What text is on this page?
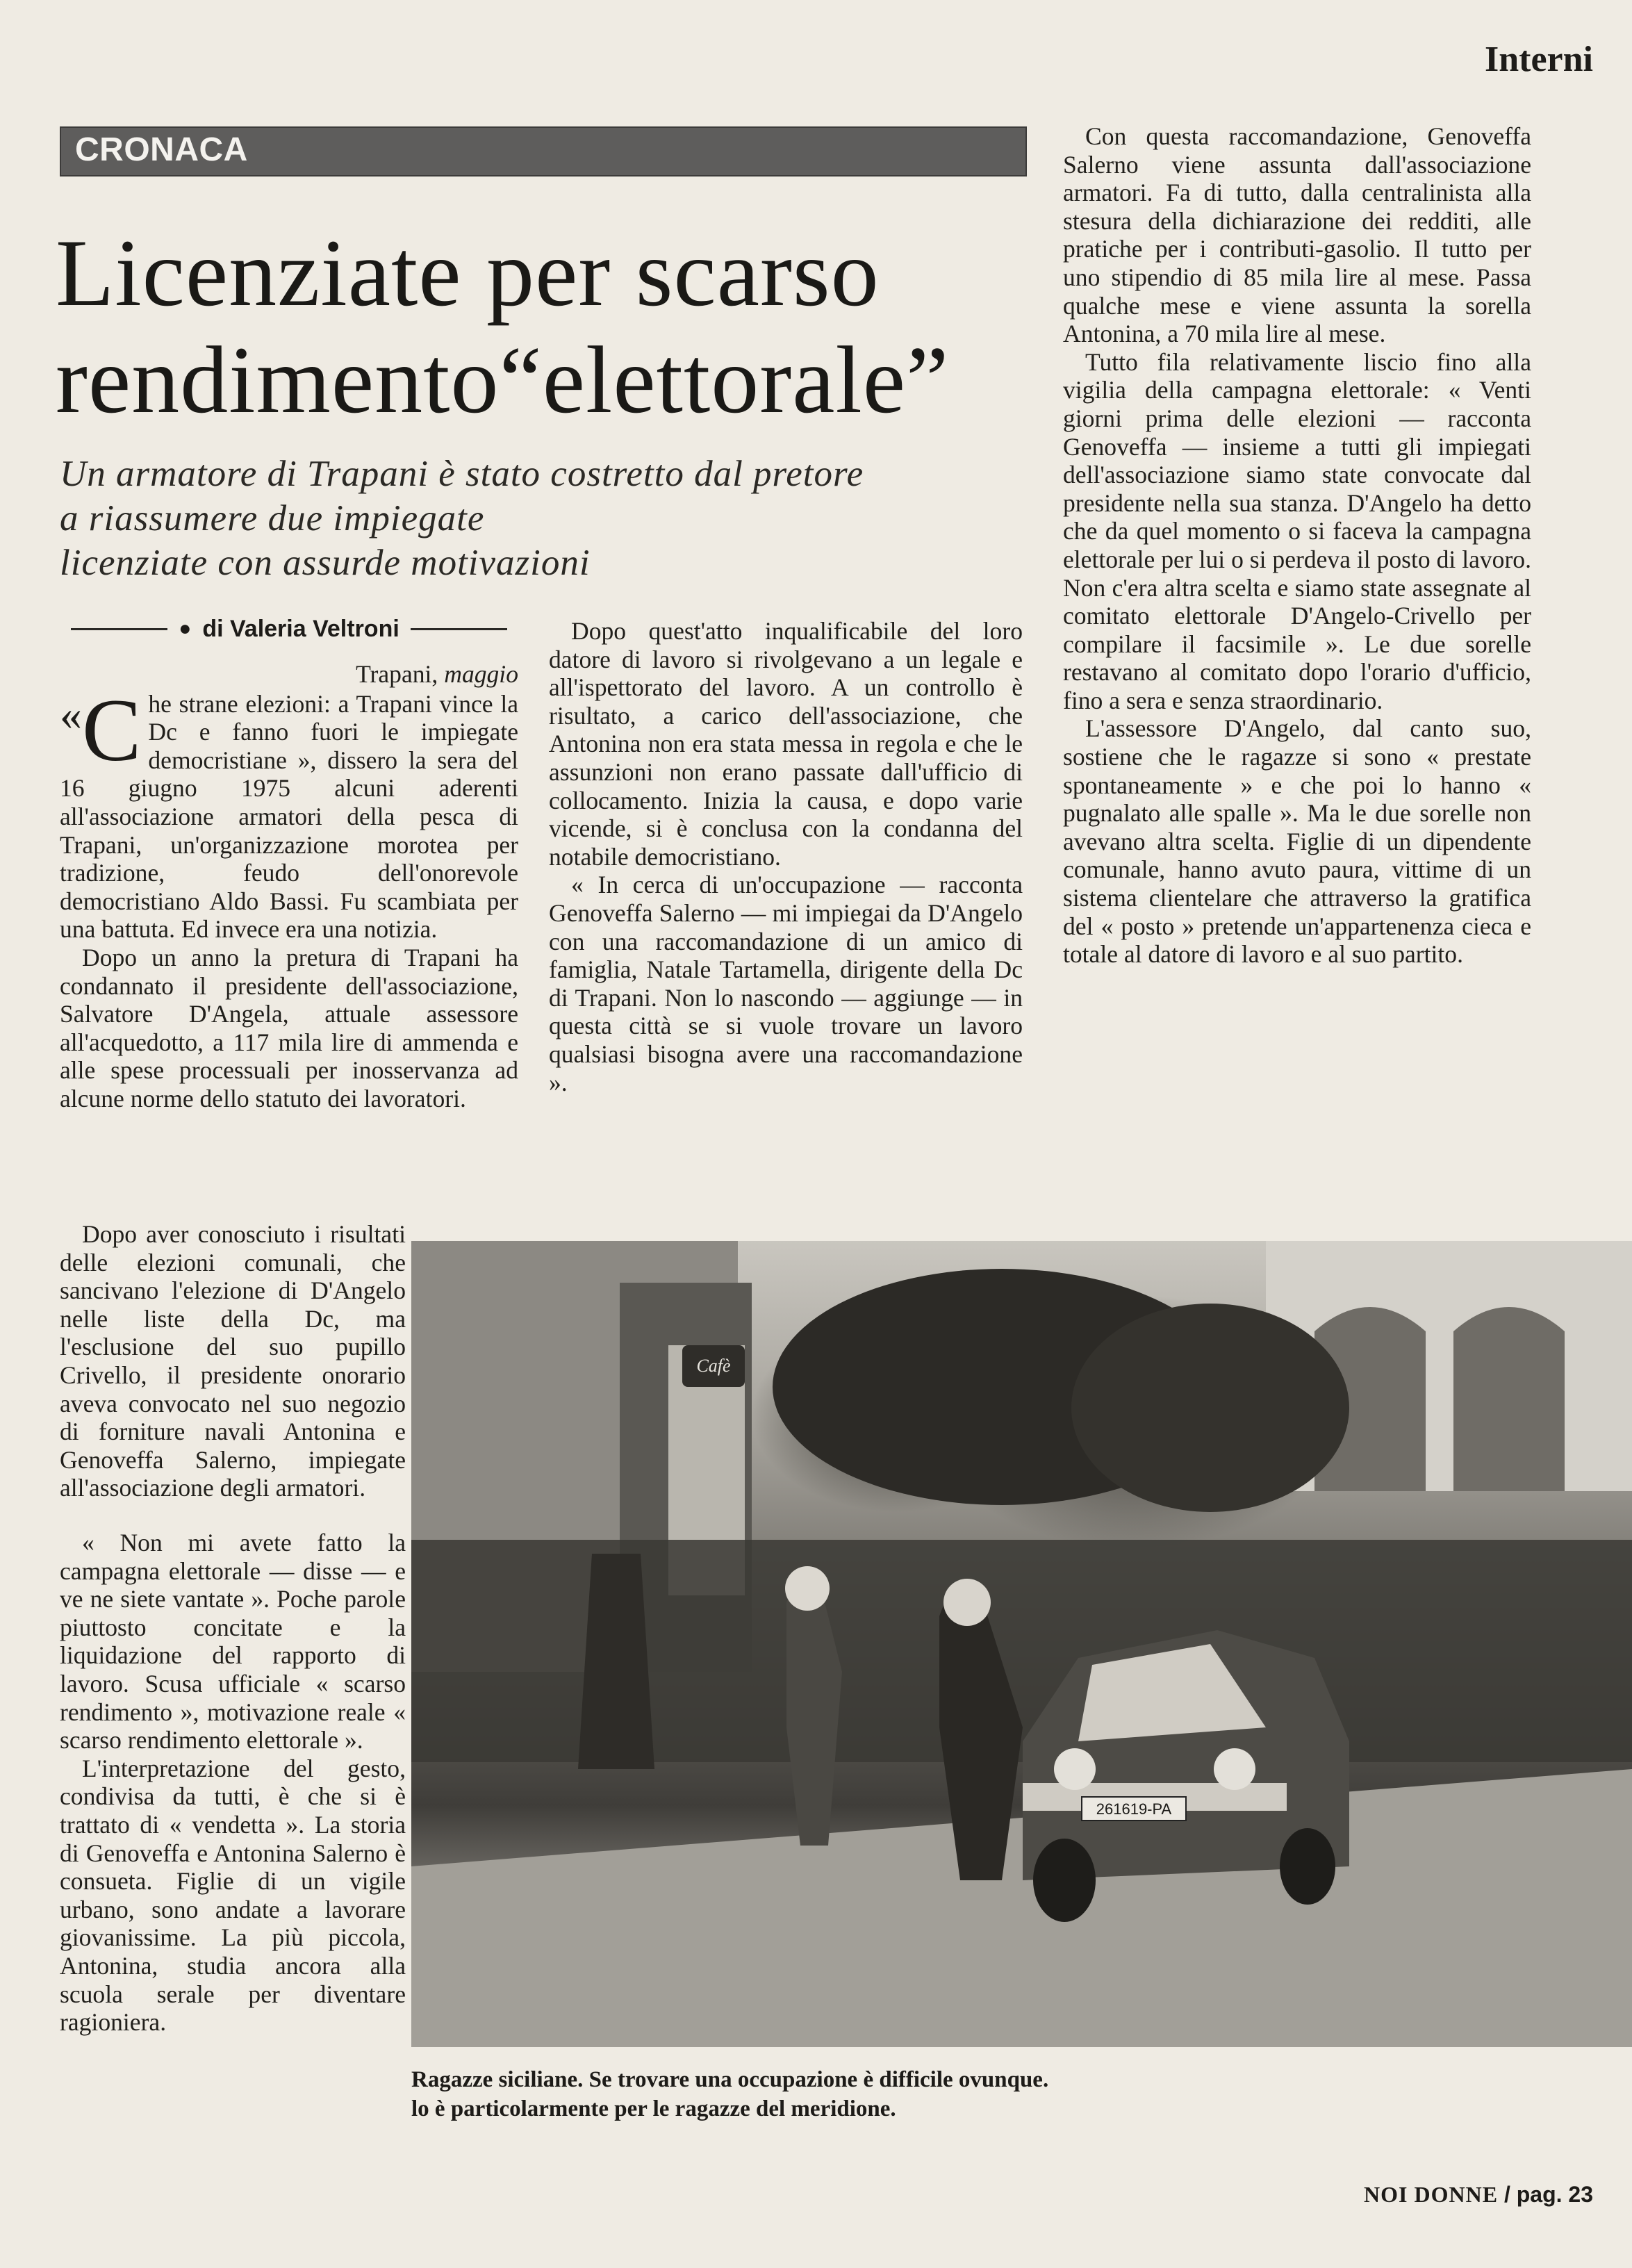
Interni
CRONACA
Licenziate per scarso
rendimento“elettorale”
Un armatore di Trapani è stato costretto dal pretore
a riassumere due impiegate
licenziate con assurde motivazioni
● di Valeria Veltroni
Trapani, maggio

«C he strane elezioni: a Trapani vince la Dc e fanno fuori le impiegate democristiane », dissero la sera del 16 giugno 1975 alcuni aderenti all'associazione armatori della pesca di Trapani, un'organizzazione morotea per tradizione, feudo dell'onorevole democristiano Aldo Bassi. Fu scambiata per una battuta. Ed invece era una notizia.

Dopo un anno la pretura di Trapani ha condannato il presidente dell'associazione, Salvatore D'Angela, attuale assessore all'acquedotto, a 117 mila lire di ammenda e alle spese processuali per inosservanza ad alcune norme dello statuto dei lavoratori.

Dopo aver conosciuto i risultati delle elezioni comunali, che sancivano l'elezione di D'Angelo nelle liste della Dc, ma l'esclusione del suo pupillo Crivello, il presidente onorario aveva convocato nel suo negozio di forniture navali Antonina e Genoveffa Salerno, impiegate all'associazione degli armatori.

Dopo quest'atto inqualificabile del loro datore di lavoro si rivolgevano a un legale e all'ispettorato del lavoro. A un controllo è risultato, a carico dell'associazione, che Antonina non era stata messa in regola e che le assunzioni non erano passate dall'ufficio di collocamento. Inizia la causa, e dopo varie vicende, si è conclusa con la condanna del notabile democristiano.

« In cerca di un'occupazione — racconta Genoveffa Salerno — mi impiegai da D'Angelo con una raccomandazione di un amico di famiglia, Natale Tartamella, dirigente della Dc di Trapani. Non lo nascondo — aggiunge — in questa città se si vuole trovare un lavoro qualsiasi bisogna avere una raccomandazione ».

Con questa raccomandazione, Genoveffa Salerno viene assunta dall'associazione armatori. Fa di tutto, dalla centralinista alla stesura della dichiarazione dei redditi, alle pratiche per i contributi-gasolio. Il tutto per uno stipendio di 85 mila lire al mese. Passa qualche mese e viene assunta la sorella Antonina, a 70 mila lire al mese.

Tutto fila relativamente liscio fino alla vigilia della campagna elettorale: « Venti giorni prima delle elezioni — racconta Genoveffa — insieme a tutti gli impiegati dell'associazione siamo state convocate dal presidente nella sua stanza. D'Angelo ha detto che da quel momento o si faceva la campagna elettorale per lui o si perdeva il posto di lavoro. Non c'era altra scelta e siamo state assegnate al comitato elettorale D'Angelo-Crivello per compilare il facsimile ». Le due sorelle restavano al comitato dopo l'orario d'ufficio, fino a sera e senza straordinario.

L'assessore D'Angelo, dal canto suo, sostiene che le ragazze si sono « prestate spontaneamente » e che poi lo hanno « pugnalato alle spalle ». Ma le due sorelle non avevano altra scelta. Figlie di un dipendente comunale, hanno avuto paura, vittime di un sistema clientelare che attraverso la gratifica del « posto » pretende un'appartenenza cieca e totale al datore di lavoro e al suo partito.

« Non mi avete fatto la campagna elettorale — disse — e ve ne siete vantate ». Poche parole piuttosto concitate e la liquidazione del rapporto di lavoro. Scusa ufficiale « scarso rendimento », motivazione reale « scarso rendimento elettorale ».

L'interpretazione del gesto, condivisa da tutti, è che si è trattato di « vendetta ». La storia di Genoveffa e Antonina Salerno è consueta. Figlie di un vigile urbano, sono andate a lavorare giovanissime. La più piccola, Antonina, studia ancora alla scuola serale per diventare ragioniera.

Cafè
261619-PA
Ragazze siciliane. Se trovare una occupazione è difficile ovunque.
lo è particolarmente per le ragazze del meridione.
NOI DONNE / pag. 23
